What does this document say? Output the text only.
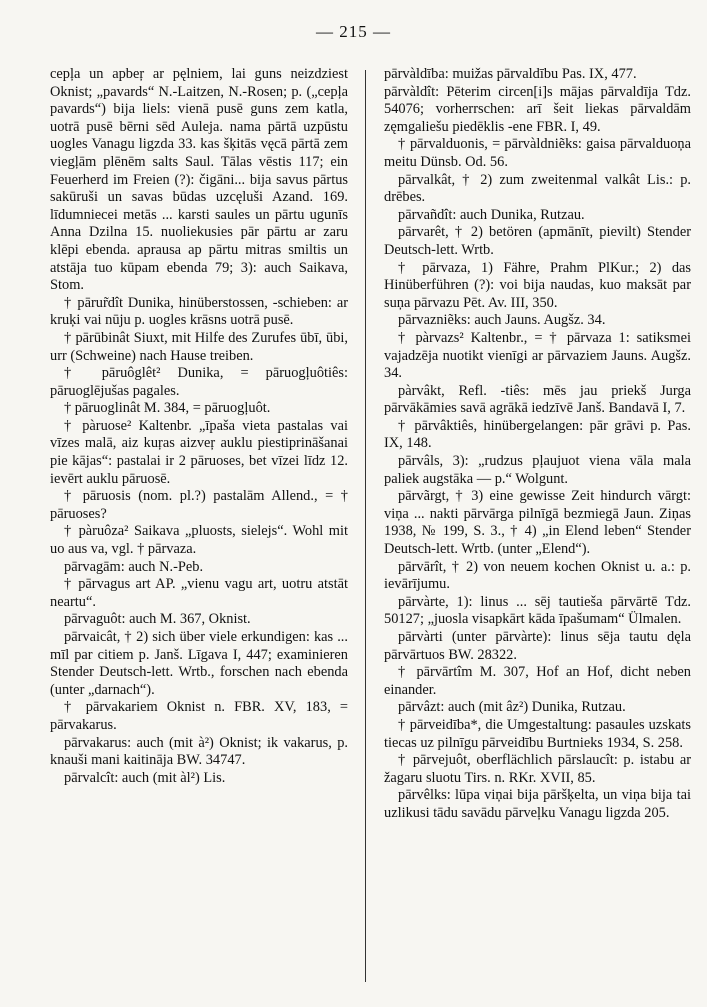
— 215 —

cepļa un apbeŗ ar pęlniem, lai guns neizdziest Oknist; „pavards“ N.-Laitzen, N.-Rosen; p. („cepļa pavards“) bija liels: vienā pusē guns zem katla, uotrā pusē bērni sēd Auleja. nama pārtā uzpūstu uogles Vanagu ligzda 33. kas šķitās vęcā pārtā zem viegļām plēnēm salts Saul. Tālas vēstis 117; ein Feuerherd im Freien (?): čigāni... bija savus pārtus sakūruši un savas būdas uzcęluši Azand. 169. līdumniecei metās ... karsti saules un pārtu ugunīs Anna Dzilna 15. nuoliekusies pār pārtu ar zaru klēpi ebenda. aprausa ap pārtu mitras smiltis un atstāja tuo kūpam ebenda 79; 3): auch Saikava, Stom.

† pārur̃dît Dunika, hinüberstossen, -schieben: ar kruķi vai nūju p. uogles krāsns uotrā pusē.

† pārūbinât Siuxt, mit Hilfe des Zurufes ūbī, ūbi, urr (Schweine) nach Hause treiben.

† pāruôglêt² Dunika, = pāruogļuôtiês: pāruoglējušas pagales.

† pāruoglinât M. 384, = pāruogļuôt.

† pàruose² Kaltenbr. „īpaša vieta pastalas vai vīzes malā, aiz kuŗas aizveŗ auklu piestiprināšanai pie kājas“: pastalai ir 2 pāruoses, bet vīzei līdz 12. ievērt auklu pāruosē.

† pāruosis (nom. pl.?) pastalām Allend., = † pāruoses?

† pàruôza² Saikava „pluosts, sielejs“. Wohl mit uo aus va, vgl. † pārvaza.

pārvagām: auch N.-Peb.

† pārvagus art AP. „vienu vagu art, uotru atstāt neartu“.

pārvaguôt: auch M. 367, Oknist.

pārvaicât, † 2) sich über viele erkundigen: kas ... mīl par citiem p. Janš. Līgava I, 447; examinieren Stender Deutsch-lett. Wrtb., forschen nach ebenda (unter „darnach“).

† pārvakariem Oknist n. FBR. XV, 183, = pārvakarus.

pārvakarus: auch (mit à²) Oknist; ik vakarus, p. knauši mani kaitināja BW. 34747.

pārvalcît: auch (mit àl²) Lis.

pārvàldība: muižas pārvaldību Pas. IX, 477.

pārvàldît: Pēterim circen[i]s mājas pārvaldīja Tdz. 54076; vorherrschen: arī šeit liekas pārvaldām zęmgaliešu piedēklis -ene FBR. I, 49.

† pārvalduonis, = pārvàldniẽks: gaisa pārvalduoņa meitu Dünsb. Od. 56.

pārvalkât, † 2) zum zweitenmal valkât Lis.: p. drēbes.

pārvañdît: auch Dunika, Rutzau.

pārvarêt, † 2) betören (apmānīt, pievilt) Stender Deutsch-lett. Wrtb.

† pārvaza, 1) Fähre, Prahm PlKur.; 2) das Hinüberführen (?): voi bija naudas, kuo maksāt par suņa pārvazu Pēt. Av. III, 350.

pārvazniẽks: auch Jauns. Augšz. 34.

† pàrvazs² Kaltenbr., = † pārvaza 1: satiksmei vajadzēja nuotikt vienīgi ar pārvaziem Jauns. Augšz. 34.

pàrvâkt, Refl. -tiês: mēs jau priekš Jurga pārvākāmies savā agrākā iedzīvē Janš. Bandavā I, 7.

† pārvâktiês, hinübergelangen: pār grāvi p. Pas. IX, 148.

pārvâls, 3): „rudzus pļaujuot viena vāla mala paliek augstāka — p.“ Wolgunt.

pārvãrgt, † 3) eine gewisse Zeit hindurch vārgt: viņa ... nakti pārvārga pilnīgā bezmiegā Jaun. Ziņas 1938, № 199, S. 3., † 4) „in Elend leben“ Stender Deutsch-lett. Wrtb. (unter „Elend“).

pārvārît, † 2) von neuem kochen Oknist u. a.: p. ievārījumu.

pārvàrte, 1): linus ... sēj tautieša pārvārtē Tdz. 50127; „juosla visapkārt kāda īpašumam“ Ülmalen.

pārvàrti (unter pārvàrte): linus sēja tautu dęla pārvārtuos BW. 28322.

† pārvārtîm M. 307, Hof an Hof, dicht neben einander.

pārvâzt: auch (mit âz²) Dunika, Rutzau.

† pārveidība*, die Umgestaltung: pasaules uzskats tiecas uz pilnīgu pārveidību Burtnieks 1934, S. 258.

† pārvejuôt, oberflächlich pārslaucît: p. istabu ar žagaru sluotu Tirs. n. RKr. XVII, 85.

pārvêlks: lūpa viņai bija pāršķelta, un viņa bija tai uzlikusi tādu savādu pārveļku Vanagu ligzda 205.
